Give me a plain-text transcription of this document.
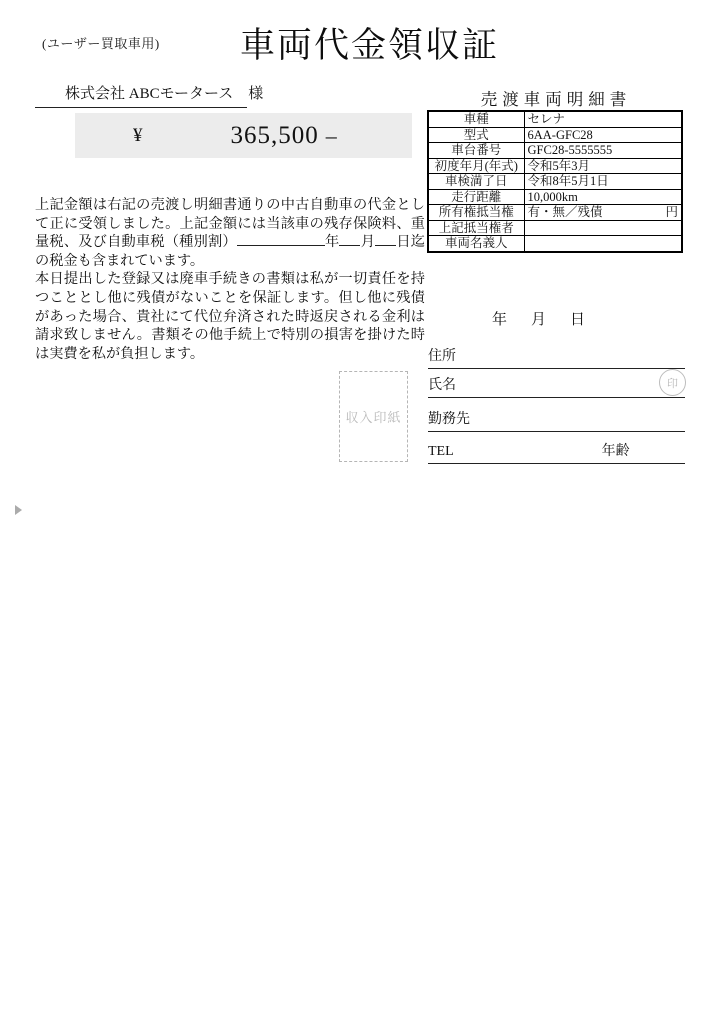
(ユーザー買取車用) 車両代金領収証
株式会社 ABCモータース　様
¥	365,500 –
上記金額は右記の売渡し明細書通りの中古自動車の代金として正に受領しました。上記金額には当該車の残存保険料、重量税、及び自動車税（種別割）	年 月 日迄の税金も含まれています。
本日提出した登録又は廃車手続きの書類は私が一切責任を持つこととし他に残債がないことを保証します。但し他に残債があった場合、貴社にて代位弁済された時返戻される金利は請求致しません。書類その他手続上で特別の損害を掛けた時は実費を私が負担します。
売渡車両明細書
車種	セレナ
型式	6AA-GFC28
車台番号	GFC28-5555555
初度年月(年式)	令和5年3月
車検満了日	令和8年5月1日
走行距離	10,000km
所有権抵当権	有・無／残債 円

上記抵当権者	
車両名義人	
年 月 日
住所
氏名	印
勤務先
TEL	年齢
収入印紙
